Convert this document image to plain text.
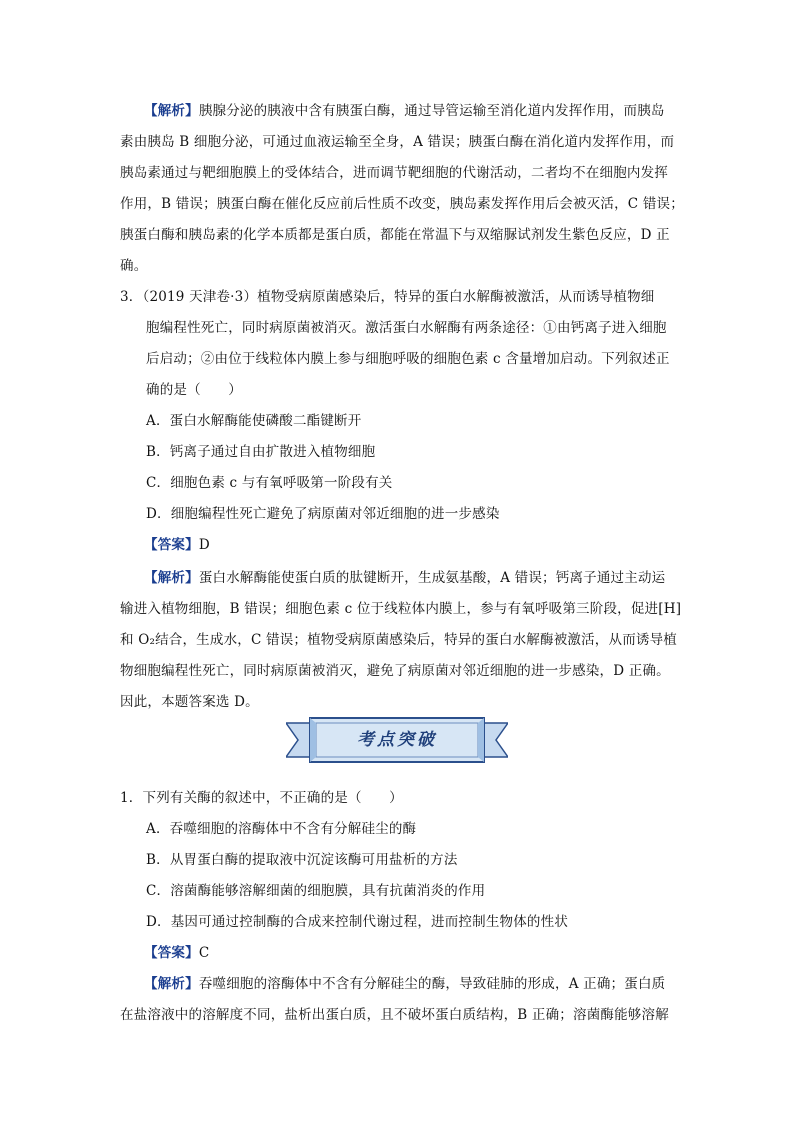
【 解析 】 胰腺分泌的胰液中含有胰蛋白酶，通过导管运输至消化道内发挥作用，而胰岛
素由胰岛 B 细胞分泌，可通过血液运输至全身，A 错误；胰蛋白酶在消化道内发挥作用，而
胰岛素通过与靶细胞膜上的受体结合，进而调节靶细胞的代谢活动，二者均不在细胞内发挥
作用，B 错误；胰蛋白酶在催化反应前后性质不改变，胰岛素发挥作用后会被灭活，C 错误；
胰蛋白酶和胰岛素的化学本质都是蛋白质，都能在常温下与双缩脲试剂发生紫色反应，D 正
确。
3．（2019 天津卷·3）植物受病原菌感染后，特异的蛋白水解酶被激活，从而诱导植物细
胞编程性死亡，同时病原菌被消灭。激活蛋白水解酶有两条途径：①由钙离子进入细胞
后启动；②由位于线粒体内膜上参与细胞呼吸的细胞色素 c 含量增加启动。下列叙述正
确的是（　　）
A．蛋白水解酶能使磷酸二酯键断开
B．钙离子通过自由扩散进入植物细胞
C．细胞色素 c 与有氧呼吸第一阶段有关
D．细胞编程性死亡避免了病原菌对邻近细胞的进一步感染
【 答案 】 D
【 解析 】 蛋白水解酶能使蛋白质的肽键断开，生成氨基酸，A 错误；钙离子通过主动运
输进入植物细胞，B 错误；细胞色素 c 位于线粒体内膜上，参与有氧呼吸第三阶段，促进[H]
和 O₂结合，生成水，C 错误；植物受病原菌感染后，特异的蛋白水解酶被激活，从而诱导植
物细胞编程性死亡，同时病原菌被消灭，避免了病原菌对邻近细胞的进一步感染，D 正确。
因此，本题答案选 D。
考点突破
1．下列有关酶的叙述中，不正确的是（　　）
A．吞噬细胞的溶酶体中不含有分解硅尘的酶
B．从胃蛋白酶的提取液中沉淀该酶可用盐析的方法
C．溶菌酶能够溶解细菌的细胞膜，具有抗菌消炎的作用
D．基因可通过控制酶的合成来控制代谢过程，进而控制生物体的性状
【 答案 】 C
【 解析 】 吞噬细胞的溶酶体中不含有分解硅尘的酶，导致硅肺的形成，A 正确；蛋白质
在盐溶液中的溶解度不同，盐析出蛋白质，且不破坏蛋白质结构，B 正确；溶菌酶能够溶解
